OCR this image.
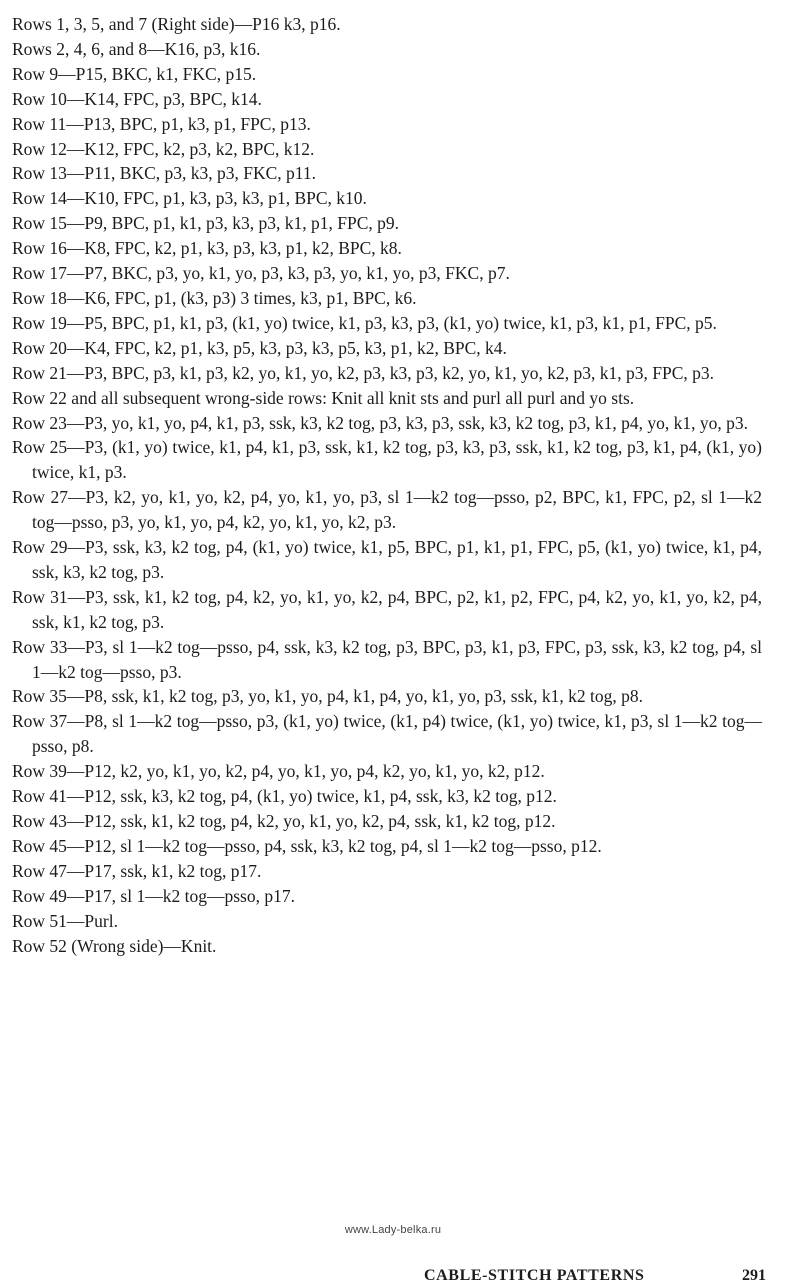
Rows 1, 3, 5, and 7 (Right side)—P16 k3, p16.
Rows 2, 4, 6, and 8—K16, p3, k16.
Row 9—P15, BKC, k1, FKC, p15.
Row 10—K14, FPC, p3, BPC, k14.
Row 11—P13, BPC, p1, k3, p1, FPC, p13.
Row 12—K12, FPC, k2, p3, k2, BPC, k12.
Row 13—P11, BKC, p3, k3, p3, FKC, p11.
Row 14—K10, FPC, p1, k3, p3, k3, p1, BPC, k10.
Row 15—P9, BPC, p1, k1, p3, k3, p3, k1, p1, FPC, p9.
Row 16—K8, FPC, k2, p1, k3, p3, k3, p1, k2, BPC, k8.
Row 17—P7, BKC, p3, yo, k1, yo, p3, k3, p3, yo, k1, yo, p3, FKC, p7.
Row 18—K6, FPC, p1, (k3, p3) 3 times, k3, p1, BPC, k6.
Row 19—P5, BPC, p1, k1, p3, (k1, yo) twice, k1, p3, k3, p3, (k1, yo) twice, k1, p3, k1, p1, FPC, p5.
Row 20—K4, FPC, k2, p1, k3, p5, k3, p3, k3, p5, k3, p1, k2, BPC, k4.
Row 21—P3, BPC, p3, k1, p3, k2, yo, k1, yo, k2, p3, k3, p3, k2, yo, k1, yo, k2, p3, k1, p3, FPC, p3.
Row 22 and all subsequent wrong-side rows: Knit all knit sts and purl all purl and yo sts.
Row 23—P3, yo, k1, yo, p4, k1, p3, ssk, k3, k2 tog, p3, k3, p3, ssk, k3, k2 tog, p3, k1, p4, yo, k1, yo, p3.
Row 25—P3, (k1, yo) twice, k1, p4, k1, p3, ssk, k1, k2 tog, p3, k3, p3, ssk, k1, k2 tog, p3, k1, p4, (k1, yo) twice, k1, p3.
Row 27—P3, k2, yo, k1, yo, k2, p4, yo, k1, yo, p3, sl 1—k2 tog—psso, p2, BPC, k1, FPC, p2, sl 1—k2 tog—psso, p3, yo, k1, yo, p4, k2, yo, k1, yo, k2, p3.
Row 29—P3, ssk, k3, k2 tog, p4, (k1, yo) twice, k1, p5, BPC, p1, k1, p1, FPC, p5, (k1, yo) twice, k1, p4, ssk, k3, k2 tog, p3.
Row 31—P3, ssk, k1, k2 tog, p4, k2, yo, k1, yo, k2, p4, BPC, p2, k1, p2, FPC, p4, k2, yo, k1, yo, k2, p4, ssk, k1, k2 tog, p3.
Row 33—P3, sl 1—k2 tog—psso, p4, ssk, k3, k2 tog, p3, BPC, p3, k1, p3, FPC, p3, ssk, k3, k2 tog, p4, sl 1—k2 tog—psso, p3.
Row 35—P8, ssk, k1, k2 tog, p3, yo, k1, yo, p4, k1, p4, yo, k1, yo, p3, ssk, k1, k2 tog, p8.
Row 37—P8, sl 1—k2 tog—psso, p3, (k1, yo) twice, (k1, p4) twice, (k1, yo) twice, k1, p3, sl 1—k2 tog—psso, p8.
Row 39—P12, k2, yo, k1, yo, k2, p4, yo, k1, yo, p4, k2, yo, k1, yo, k2, p12.
Row 41—P12, ssk, k3, k2 tog, p4, (k1, yo) twice, k1, p4, ssk, k3, k2 tog, p12.
Row 43—P12, ssk, k1, k2 tog, p4, k2, yo, k1, yo, k2, p4, ssk, k1, k2 tog, p12.
Row 45—P12, sl 1—k2 tog—psso, p4, ssk, k3, k2 tog, p4, sl 1—k2 tog—psso, p12.
Row 47—P17, ssk, k1, k2 tog, p17.
Row 49—P17, sl 1—k2 tog—psso, p17.
Row 51—Purl.
Row 52 (Wrong side)—Knit.
www.Lady-belka.ru
CABLE-STITCH PATTERNS	291
